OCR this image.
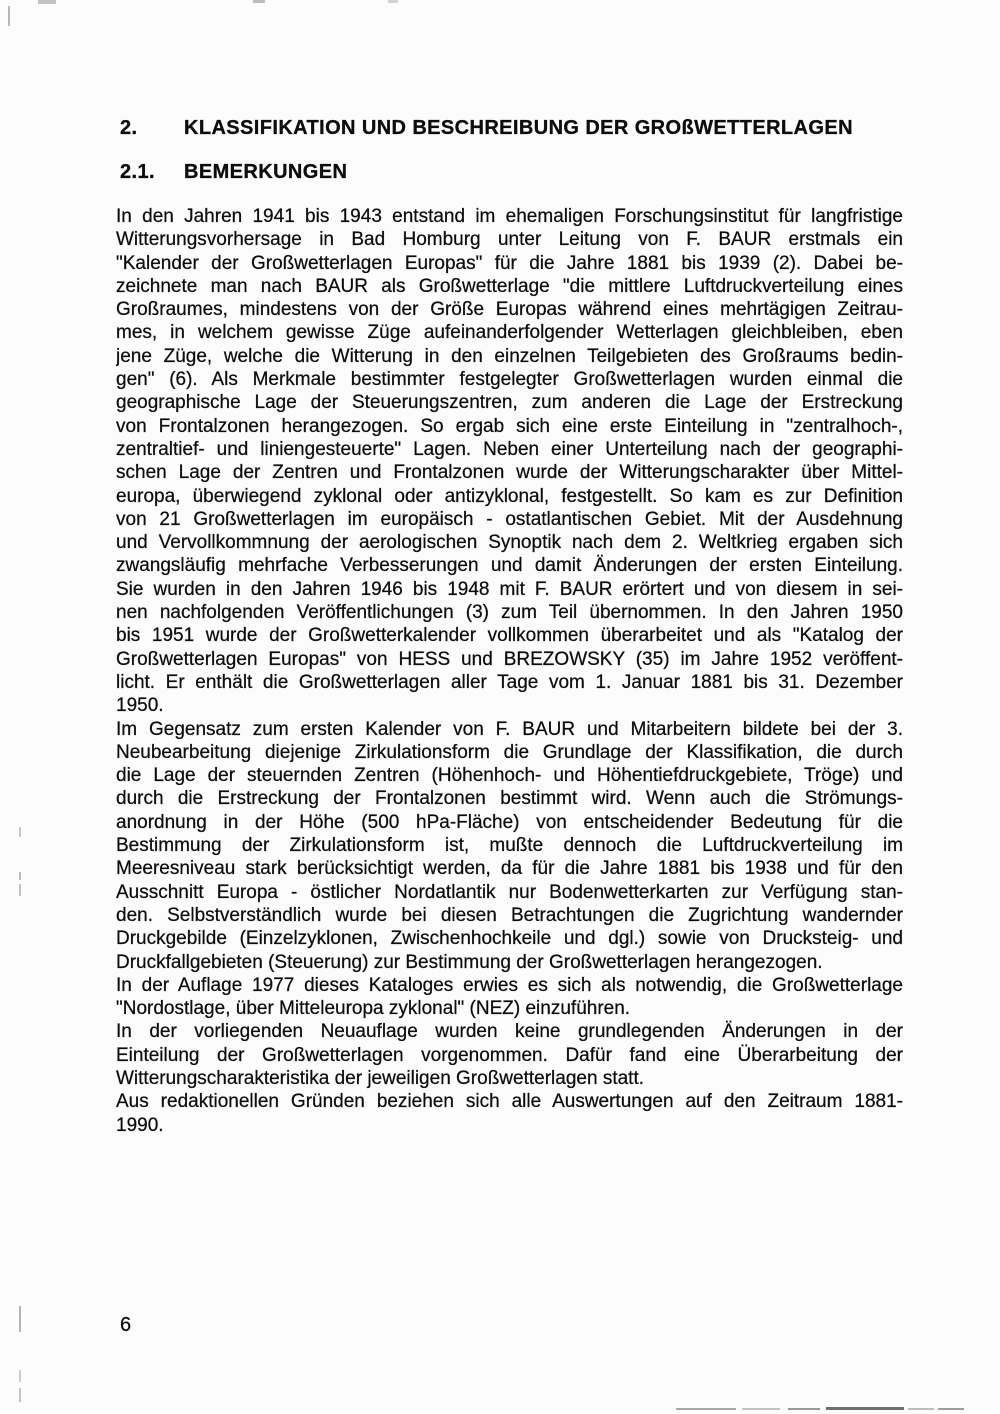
2. KLASSIFIKATION UND BESCHREIBUNG DER GROßWETTERLAGEN
2.1. BEMERKUNGEN
In den Jahren 1941 bis 1943 entstand im ehemaligen Forschungsinstitut für langfristige
Witterungsvorhersage in Bad Homburg unter Leitung von F. BAUR erstmals ein
"Kalender der Großwetterlagen Europas" für die Jahre 1881 bis 1939 (2). Dabei be-
zeichnete man nach BAUR als Großwetterlage "die mittlere Luftdruckverteilung eines
Großraumes, mindestens von der Größe Europas während eines mehrtägigen Zeitrau-
mes, in welchem gewisse Züge aufeinanderfolgender Wetterlagen gleichbleiben, eben
jene Züge, welche die Witterung in den einzelnen Teilgebieten des Großraums bedin-
gen" (6). Als Merkmale bestimmter festgelegter Großwetterlagen wurden einmal die
geographische Lage der Steuerungszentren, zum anderen die Lage der Erstreckung
von Frontalzonen herangezogen. So ergab sich eine erste Einteilung in "zentralhoch-,
zentraltief- und liniengesteuerte" Lagen. Neben einer Unterteilung nach der geographi-
schen Lage der Zentren und Frontalzonen wurde der Witterungscharakter über Mittel-
europa, überwiegend zyklonal oder antizyklonal, festgestellt. So kam es zur Definition
von 21 Großwetterlagen im europäisch - ostatlantischen Gebiet. Mit der Ausdehnung
und Vervollkommnung der aerologischen Synoptik nach dem 2. Weltkrieg ergaben sich
zwangsläufig mehrfache Verbesserungen und damit Änderungen der ersten Einteilung.
Sie wurden in den Jahren 1946 bis 1948 mit F. BAUR erörtert und von diesem in sei-
nen nachfolgenden Veröffentlichungen (3) zum Teil übernommen. In den Jahren 1950
bis 1951 wurde der Großwetterkalender vollkommen überarbeitet und als "Katalog der
Großwetterlagen Europas" von HESS und BREZOWSKY (35) im Jahre 1952 veröffent-
licht. Er enthält die Großwetterlagen aller Tage vom 1. Januar 1881 bis 31. Dezember
1950.
Im Gegensatz zum ersten Kalender von F. BAUR und Mitarbeitern bildete bei der 3.
Neubearbeitung diejenige Zirkulationsform die Grundlage der Klassifikation, die durch
die Lage der steuernden Zentren (Höhenhoch- und Höhentiefdruckgebiete, Tröge) und
durch die Erstreckung der Frontalzonen bestimmt wird. Wenn auch die Strömungs-
anordnung in der Höhe (500 hPa-Fläche) von entscheidender Bedeutung für die
Bestimmung der Zirkulationsform ist, mußte dennoch die Luftdruckverteilung im
Meeresniveau stark berücksichtigt werden, da für die Jahre 1881 bis 1938 und für den
Ausschnitt Europa - östlicher Nordatlantik nur Bodenwetterkarten zur Verfügung stan-
den. Selbstverständlich wurde bei diesen Betrachtungen die Zugrichtung wandernder
Druckgebilde (Einzelzyklonen, Zwischenhochkeile und dgl.) sowie von Drucksteig- und
Druckfallgebieten (Steuerung) zur Bestimmung der Großwetterlagen herangezogen.
In der Auflage 1977 dieses Kataloges erwies es sich als notwendig, die Großwetterlage
"Nordostlage, über Mitteleuropa zyklonal" (NEZ) einzuführen.
In der vorliegenden Neuauflage wurden keine grundlegenden Änderungen in der
Einteilung der Großwetterlagen vorgenommen. Dafür fand eine Überarbeitung der
Witterungscharakteristika der jeweiligen Großwetterlagen statt.
Aus redaktionellen Gründen beziehen sich alle Auswertungen auf den Zeitraum 1881-
1990.
6
